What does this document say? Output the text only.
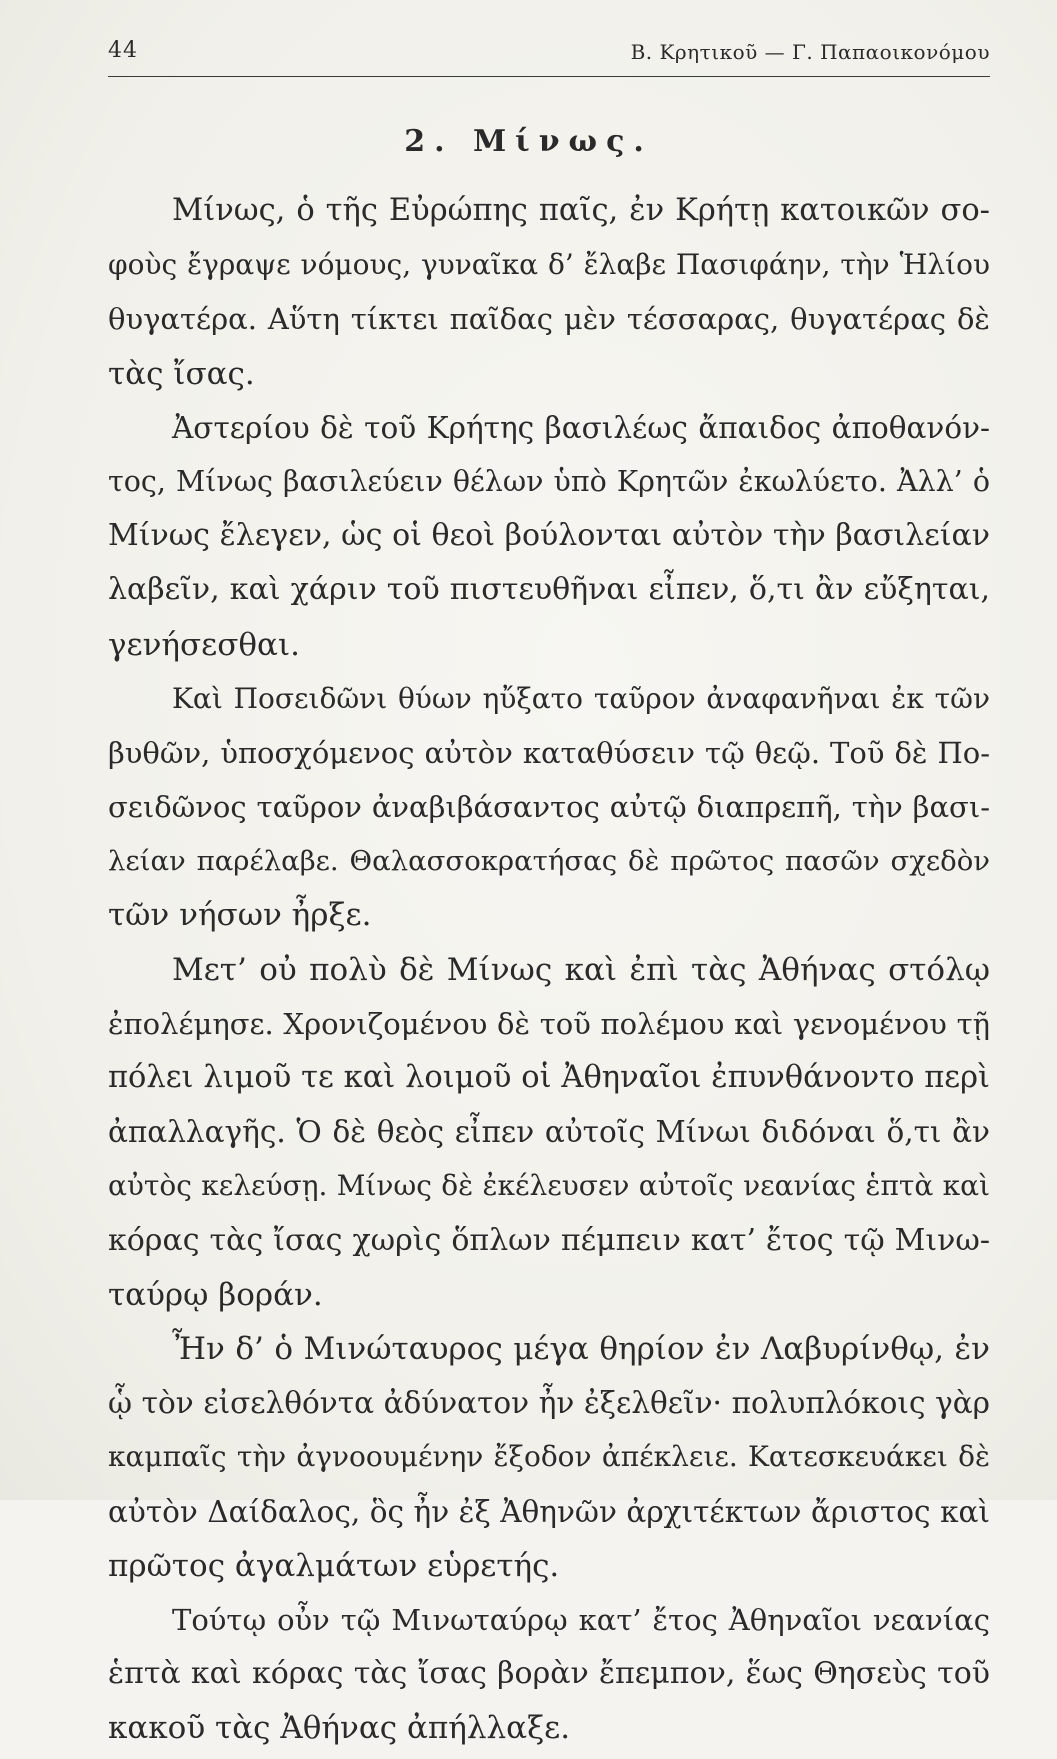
44	Β. Κρητικοῦ — Γ. Παπαοικονόμου
2. Μίνως.
Μίνως, ὁ τῆς Εὐρώπης παῖς, ἐν Κρήτῃ κατοικῶν σο-
φοὺς ἔγραψε νόμους, γυναῖκα δ’ ἔλαβε Πασιφάην, τὴν Ἡλίου
θυγατέρα. Αὕτη τίκτει παῖδας μὲν τέσσαρας, θυγατέρας δὲ
τὰς ἴσας.
Ἀστερίου δὲ τοῦ Κρήτης βασιλέως ἄπαιδος ἀποθανόν-
τος, Μίνως βασιλεύειν θέλων ὑπὸ Κρητῶν ἐκωλύετο. Ἀλλ’ ὁ
Μίνως ἔλεγεν, ὡς οἱ θεοὶ βούλονται αὐτὸν τὴν βασιλείαν
λαβεῖν, καὶ χάριν τοῦ πιστευθῆναι εἶπεν, ὅ,τι ἂν εὔξηται,
γενήσεσθαι.
Καὶ Ποσειδῶνι θύων ηὔξατο ταῦρον ἀναφανῆναι ἐκ τῶν
βυθῶν, ὑποσχόμενος αὐτὸν καταθύσειν τῷ θεῷ. Τοῦ δὲ Πο-
σειδῶνος ταῦρον ἀναβιβάσαντος αὐτῷ διαπρεπῆ, τὴν βασι-
λείαν παρέλαβε. Θαλασσοκρατήσας δὲ πρῶτος πασῶν σχεδὸν
τῶν νήσων ἦρξε.
Μετ’ οὐ πολὺ δὲ Μίνως καὶ ἐπὶ τὰς Ἀθήνας στόλῳ
ἐπολέμησε. Χρονιζομένου δὲ τοῦ πολέμου καὶ γενομένου τῇ
πόλει λιμοῦ τε καὶ λοιμοῦ οἱ Ἀθηναῖοι ἐπυνθάνοντο περὶ
ἀπαλλαγῆς. Ὁ δὲ θεὸς εἶπεν αὐτοῖς Μίνωι διδόναι ὅ,τι ἂν
αὐτὸς κελεύσῃ. Μίνως δὲ ἐκέλευσεν αὐτοῖς νεανίας ἑπτὰ καὶ
κόρας τὰς ἴσας χωρὶς ὅπλων πέμπειν κατ’ ἔτος τῷ Μινω-
ταύρῳ βοράν.
Ἦν δ’ ὁ Μινώταυρος μέγα θηρίον ἐν Λαβυρίνθῳ, ἐν
ᾧ τὸν εἰσελθόντα ἀδύνατον ἦν ἐξελθεῖν· πολυπλόκοις γὰρ
καμπαῖς τὴν ἀγνοουμένην ἔξοδον ἀπέκλειε. Κατεσκευάκει δὲ
αὐτὸν Δαίδαλος, ὃς ἦν ἐξ Ἀθηνῶν ἀρχιτέκτων ἄριστος καὶ
πρῶτος ἀγαλμάτων εὑρετής.
Τούτῳ οὖν τῷ Μινωταύρῳ κατ’ ἔτος Ἀθηναῖοι νεανίας
ἑπτὰ καὶ κόρας τὰς ἴσας βορὰν ἔπεμπον, ἕως Θησεὺς τοῦ
κακοῦ τὰς Ἀθήνας ἀπήλλαξε.
